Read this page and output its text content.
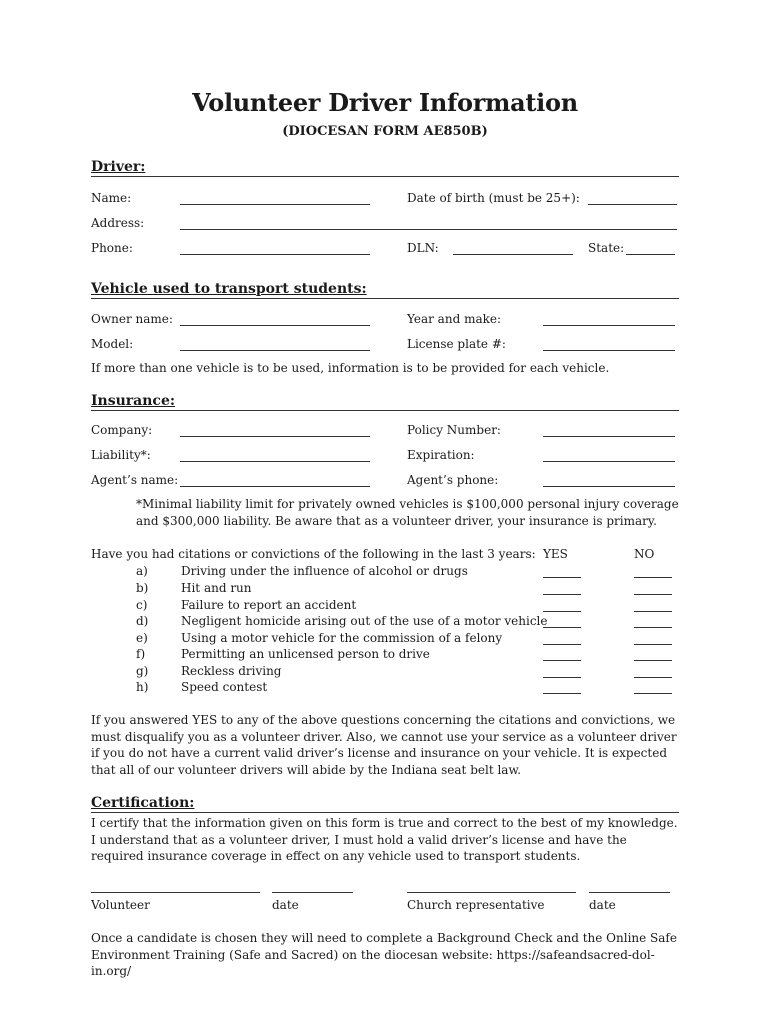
Volunteer Driver Information
(DIOCESAN FORM AE850B)
Driver:
Name:	Date of birth (must be 25+):
Address:
Phone:	DLN:	State:
Vehicle used to transport students:
Owner name:	Year and make:
Model:	License plate #:
If more than one vehicle is to be used, information is to be provided for each vehicle.
Insurance:
Company:	Policy Number:
Liability*:	Expiration:
Agent’s name:	Agent’s phone:
*Minimal liability limit for privately owned vehicles is $100,000 personal injury coverage and $300,000 liability. Be aware that as a volunteer driver, your insurance is primary.
Have you had citations or convictions of the following in the last 3 years: YES	NO
a)	Driving under the influence of alcohol or drugs
b)	Hit and run
c)	Failure to report an accident
d)	Negligent homicide arising out of the use of a motor vehicle
e)	Using a motor vehicle for the commission of a felony
f)	Permitting an unlicensed person to drive
g)	Reckless driving
h)	Speed contest
If you answered YES to any of the above questions concerning the citations and convictions, we must disqualify you as a volunteer driver. Also, we cannot use your service as a volunteer driver if you do not have a current valid driver’s license and insurance on your vehicle. It is expected that all of our volunteer drivers will abide by the Indiana seat belt law.
Certification:
I certify that the information given on this form is true and correct to the best of my knowledge. I understand that as a volunteer driver, I must hold a valid driver’s license and have the required insurance coverage in effect on any vehicle used to transport students.
Volunteer	date	Church representative	date
Once a candidate is chosen they will need to complete a Background Check and the Online Safe Environment Training (Safe and Sacred) on the diocesan website: https://safeandsacred-dol-in.org/
